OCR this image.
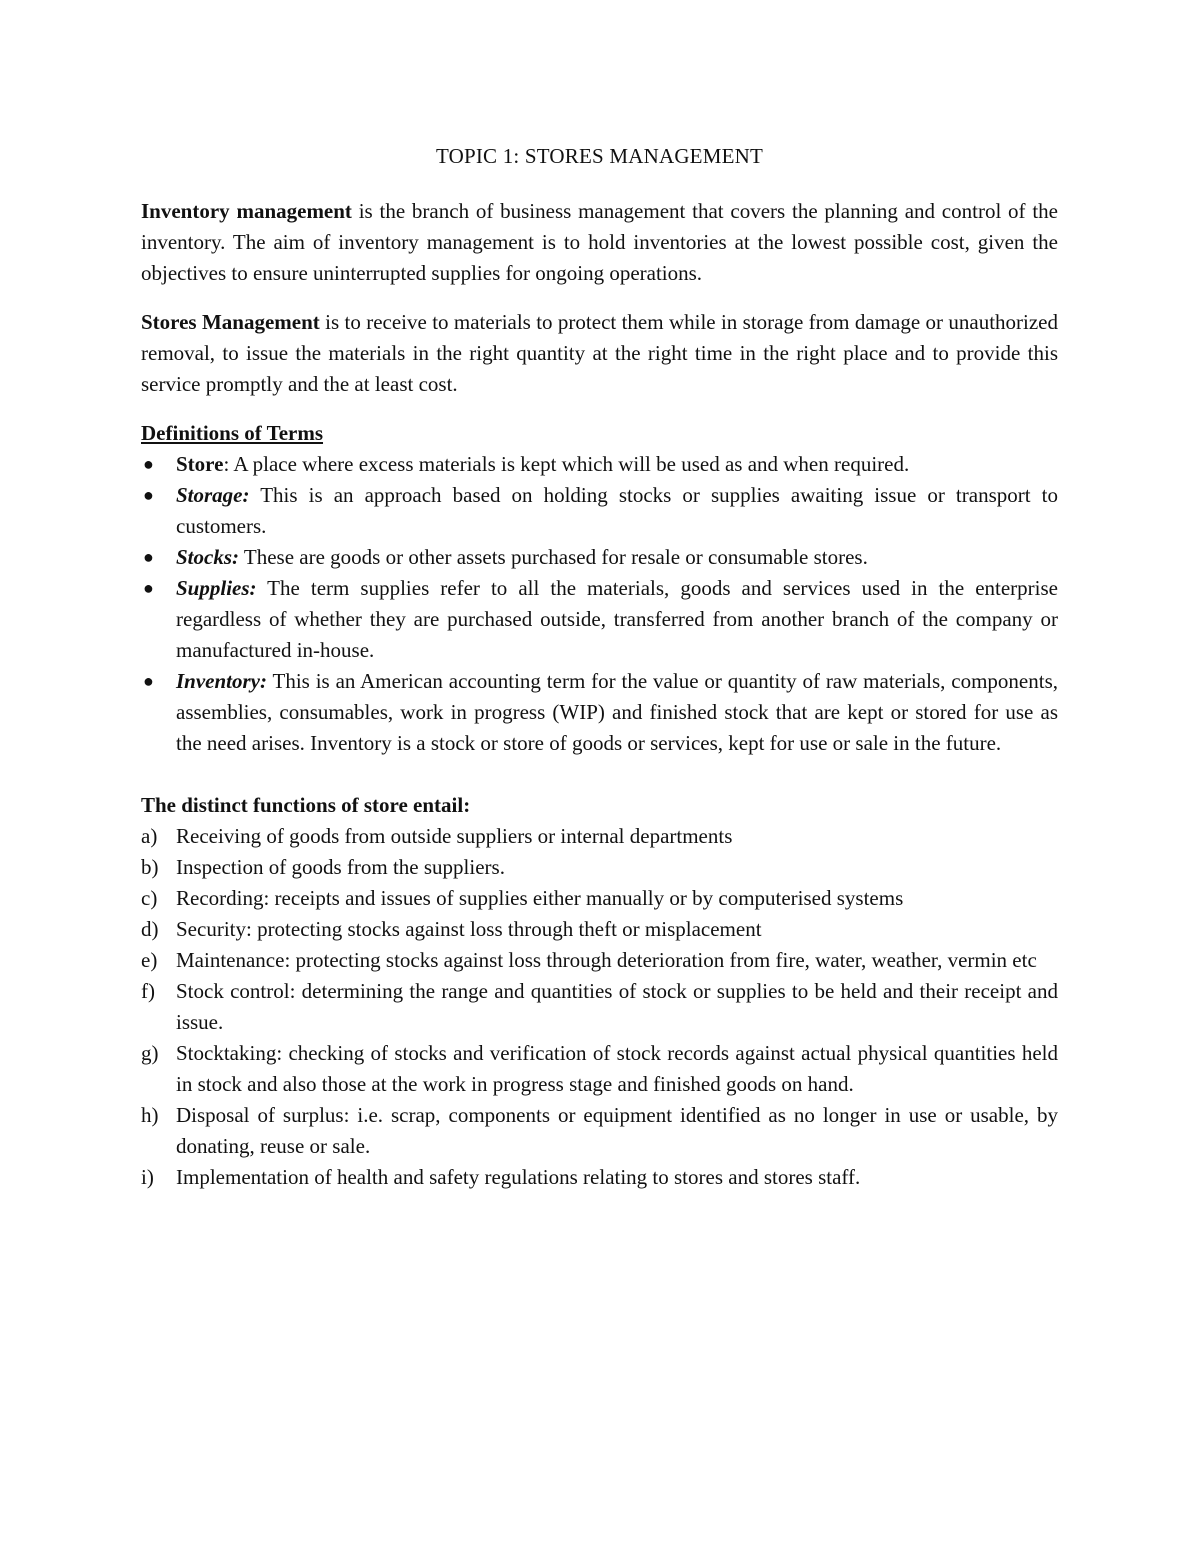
TOPIC 1: STORES MANAGEMENT

Inventory management is the branch of business management that covers the planning and control of the inventory. The aim of inventory management is to hold inventories at the lowest possible cost, given the objectives to ensure uninterrupted supplies for ongoing operations.

Stores Management is to receive to materials to protect them while in storage from damage or unauthorized removal, to issue the materials in the right quantity at the right time in the right place and to provide this service promptly and the at least cost.

Definitions of Terms
● Store: A place where excess materials is kept which will be used as and when required.
● Storage: This is an approach based on holding stocks or supplies awaiting issue or transport to customers.
● Stocks: These are goods or other assets purchased for resale or consumable stores.
● Supplies: The term supplies refer to all the materials, goods and services used in the enterprise regardless of whether they are purchased outside, transferred from another branch of the company or manufactured in-house.
● Inventory: This is an American accounting term for the value or quantity of raw materials, components, assemblies, consumables, work in progress (WIP) and finished stock that are kept or stored for use as the need arises. Inventory is a stock or store of goods or services, kept for use or sale in the future.
The distinct functions of store entail:
a) Receiving of goods from outside suppliers or internal departments
b) Inspection of goods from the suppliers.
c) Recording: receipts and issues of supplies either manually or by computerised systems
d) Security: protecting stocks against loss through theft or misplacement
e) Maintenance: protecting stocks against loss through deterioration from fire, water, weather, vermin etc
f) Stock control: determining the range and quantities of stock or supplies to be held and their receipt and issue.
g) Stocktaking: checking of stocks and verification of stock records against actual physical quantities held in stock and also those at the work in progress stage and finished goods on hand.
h) Disposal of surplus: i.e. scrap, components or equipment identified as no longer in use or usable, by donating, reuse or sale.
i) Implementation of health and safety regulations relating to stores and stores staff.
